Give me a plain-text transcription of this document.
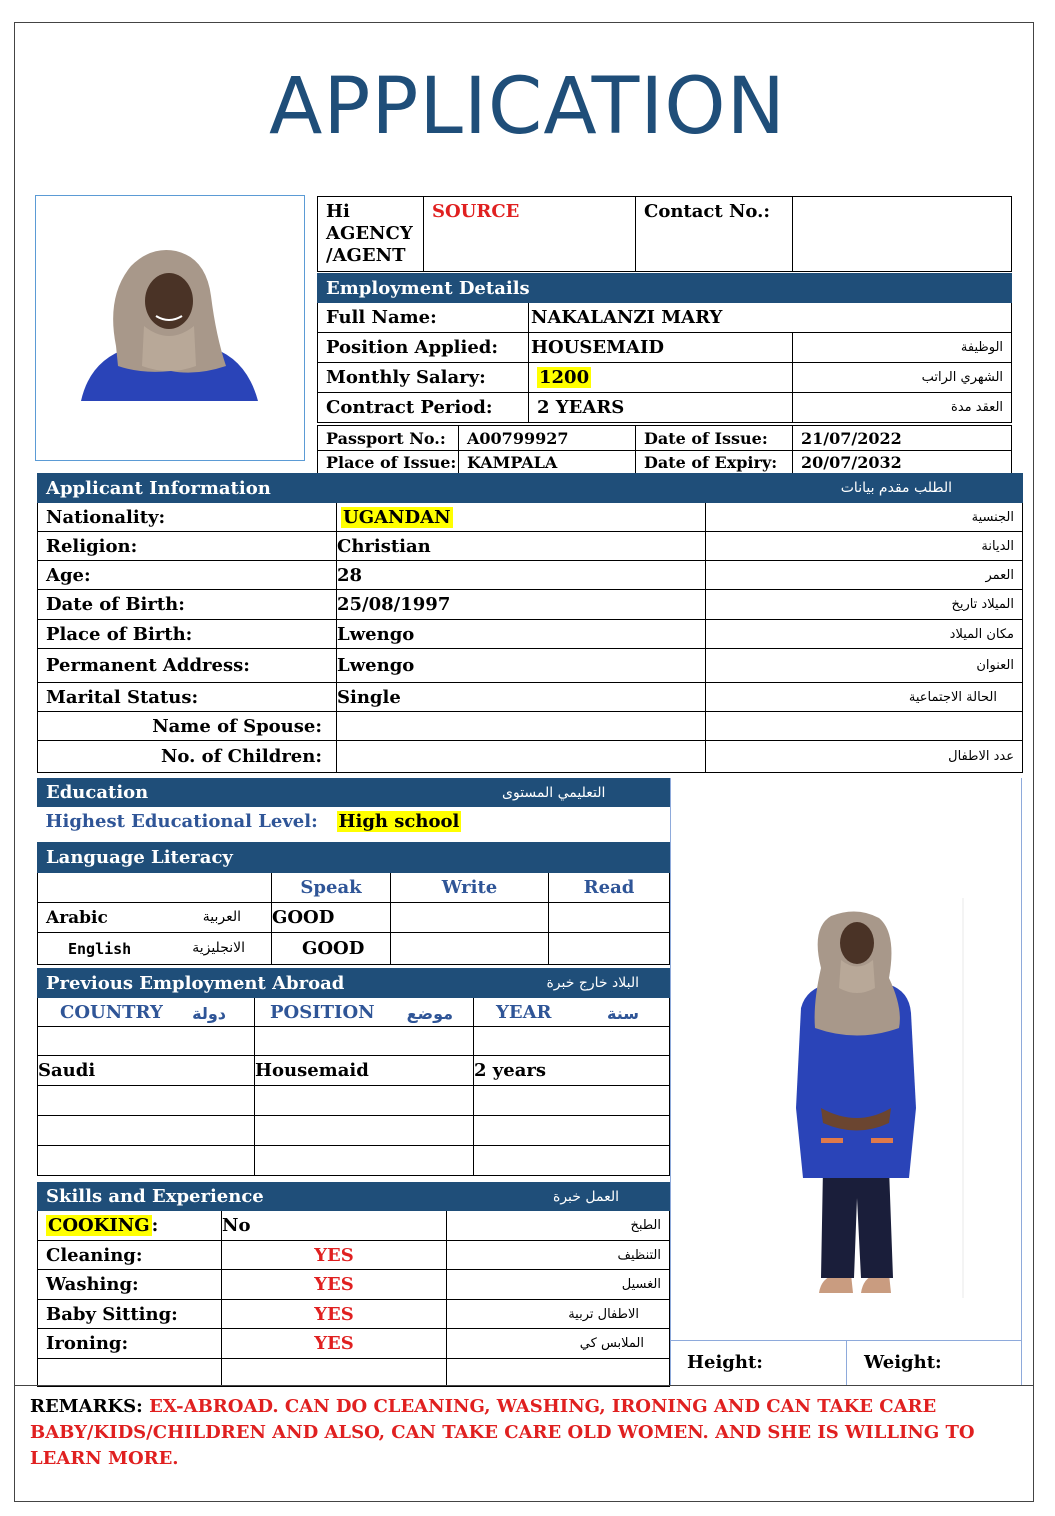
APPLICATION
Hi
AGENCY
/AGENT
	SOURCE	Contact No.:	
Employment Details		
Full Name:	NAKALANZI MARY	
Position Applied:	HOUSEMAID	الوظيفة
Monthly Salary:	1200	الشهري الراتب
Contract Period:	2 YEARS	العقد مدة
Passport No.:	A00799927	Date of Issue:	21/07/2022
Place of Issue:	KAMPALA	Date of Expiry:	20/07/2032
Applicant Information		الطلب مقدم بيانات
Nationality:	UGANDAN	الجنسية
Religion:	Christian	الديانة
Age:	28	العمر
Date of Birth:	25/08/1997	الميلاد تاريخ
Place of Birth:	Lwengo	مكان الميلاد
Permanent Address:	Lwengo	العنوان
Marital Status:	Single	الحالة الاجتماعية
Name of Spouse:		
No. of Children:		عدد الاطفال
Education	التعليمي المستوى
Highest Educational Level:	High school
Language Literacy			
	Speak	Write	Read
Arabic العربية	GOOD		
English الانجليزية	GOOD		
Previous Employment Abroad		البلاد خارج خبرة
COUNTRY دولة	POSITION موضع	YEAR سنة

Saudi	Housemaid	2 years

Skills and Experience		العمل خبرة
COOKING :	No	الطبخ
Cleaning:	YES	التنظيف
Washing:	YES	الغسيل
Baby Sitting:	YES	الاطفال تربية
Ironing:	YES	الملابس كي

Height:	Weight:
REMARKS: EX-ABROAD. CAN DO CLEANING, WASHING, IRONING AND CAN TAKE CARE
BABY/KIDS/CHILDREN AND ALSO, CAN TAKE CARE OLD WOMEN. AND SHE IS WILLING TO LEARN MORE.
